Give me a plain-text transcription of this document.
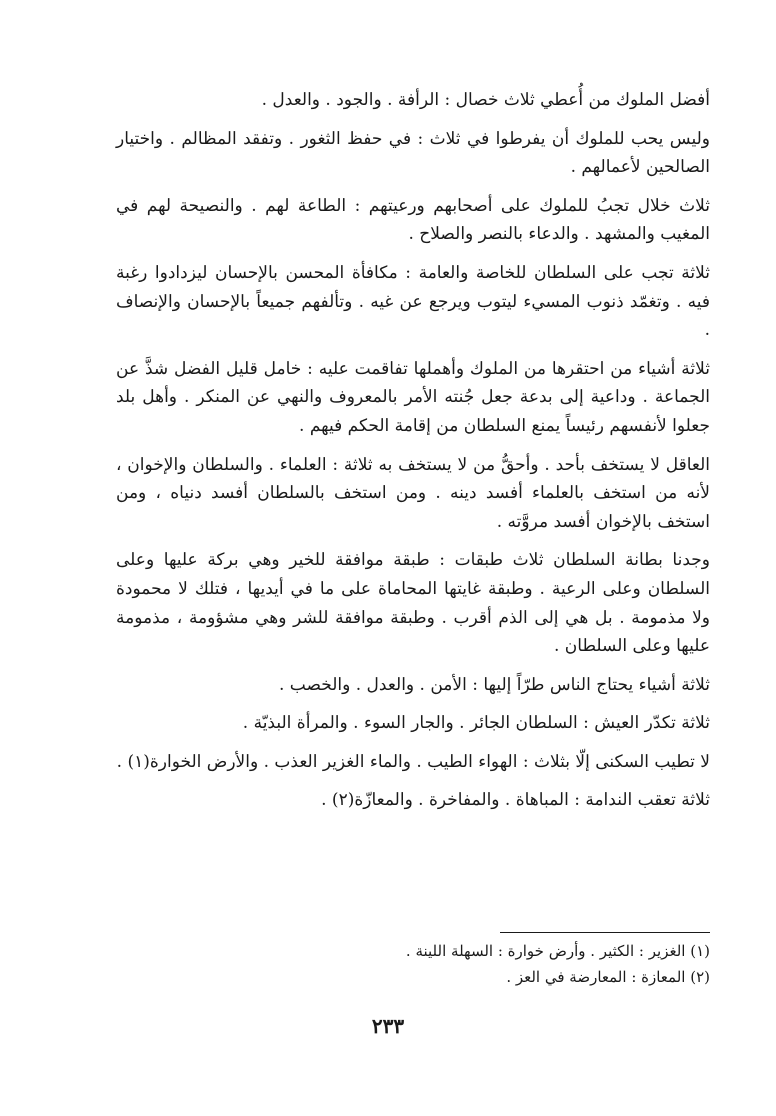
أفضل الملوك من أُعطي ثلاث خصال : الرأفة . والجود . والعدل .

وليس يحب للملوك أن يفرطوا في ثلاث : في حفظ الثغور . وتفقد المظالم . واختيار الصالحين لأعمالهم .

ثلاث خلال تجبُ للملوك على أصحابهم ورعيتهم : الطاعة لهم . والنصيحة لهم في المغيب والمشهد . والدعاء بالنصر والصلاح .

ثلاثة تجب على السلطان للخاصة والعامة : مكافأة المحسن بالإحسان ليزدادوا رغبة فيه . وتغمّد ذنوب المسيء ليتوب ويرجع عن غيه . وتألفهم جميعاً بالإحسان والإنصاف .

ثلاثة أشياء من احتقرها من الملوك وأهملها تفاقمت عليه : خامل قليل الفضل شذَّ عن الجماعة . وداعية إلى بدعة جعل جُنته الأمر بالمعروف والنهي عن المنكر . وأهل بلد جعلوا لأنفسهم رئيساً يمنع السلطان من إقامة الحكم فيهم .

العاقل لا يستخف بأحد . وأحقُّ من لا يستخف به ثلاثة : العلماء . والسلطان والإخوان ، لأنه من استخف بالعلماء أفسد دينه . ومن استخف بالسلطان أفسد دنياه ، ومن استخف بالإخوان أفسد مروَّته .

وجدنا بطانة السلطان ثلاث طبقات : طبقة موافقة للخير وهي بركة عليها وعلى السلطان وعلى الرعية . وطبقة غايتها المحاماة على ما في أيديها ، فتلك لا محمودة ولا مذمومة . بل هي إلى الذم أقرب . وطبقة موافقة للشر وهي مشؤومة ، مذمومة عليها وعلى السلطان .

ثلاثة أشياء يحتاج الناس طرّاً إليها : الأمن . والعدل . والخصب .

ثلاثة تكدّر العيش : السلطان الجائر . والجار السوء . والمرأة البذيّة .

لا تطيب السكنى إلّا بثلاث : الهواء الطيب . والماء الغزير العذب . والأرض الخوارة(١) .

ثلاثة تعقب الندامة : المباهاة . والمفاخرة . والمعازّة(٢) .

(١) الغزير : الكثير . وأرض خوارة : السهلة اللينة .

(٢) المعازة : المعارضة في العز .

٢٣٣
